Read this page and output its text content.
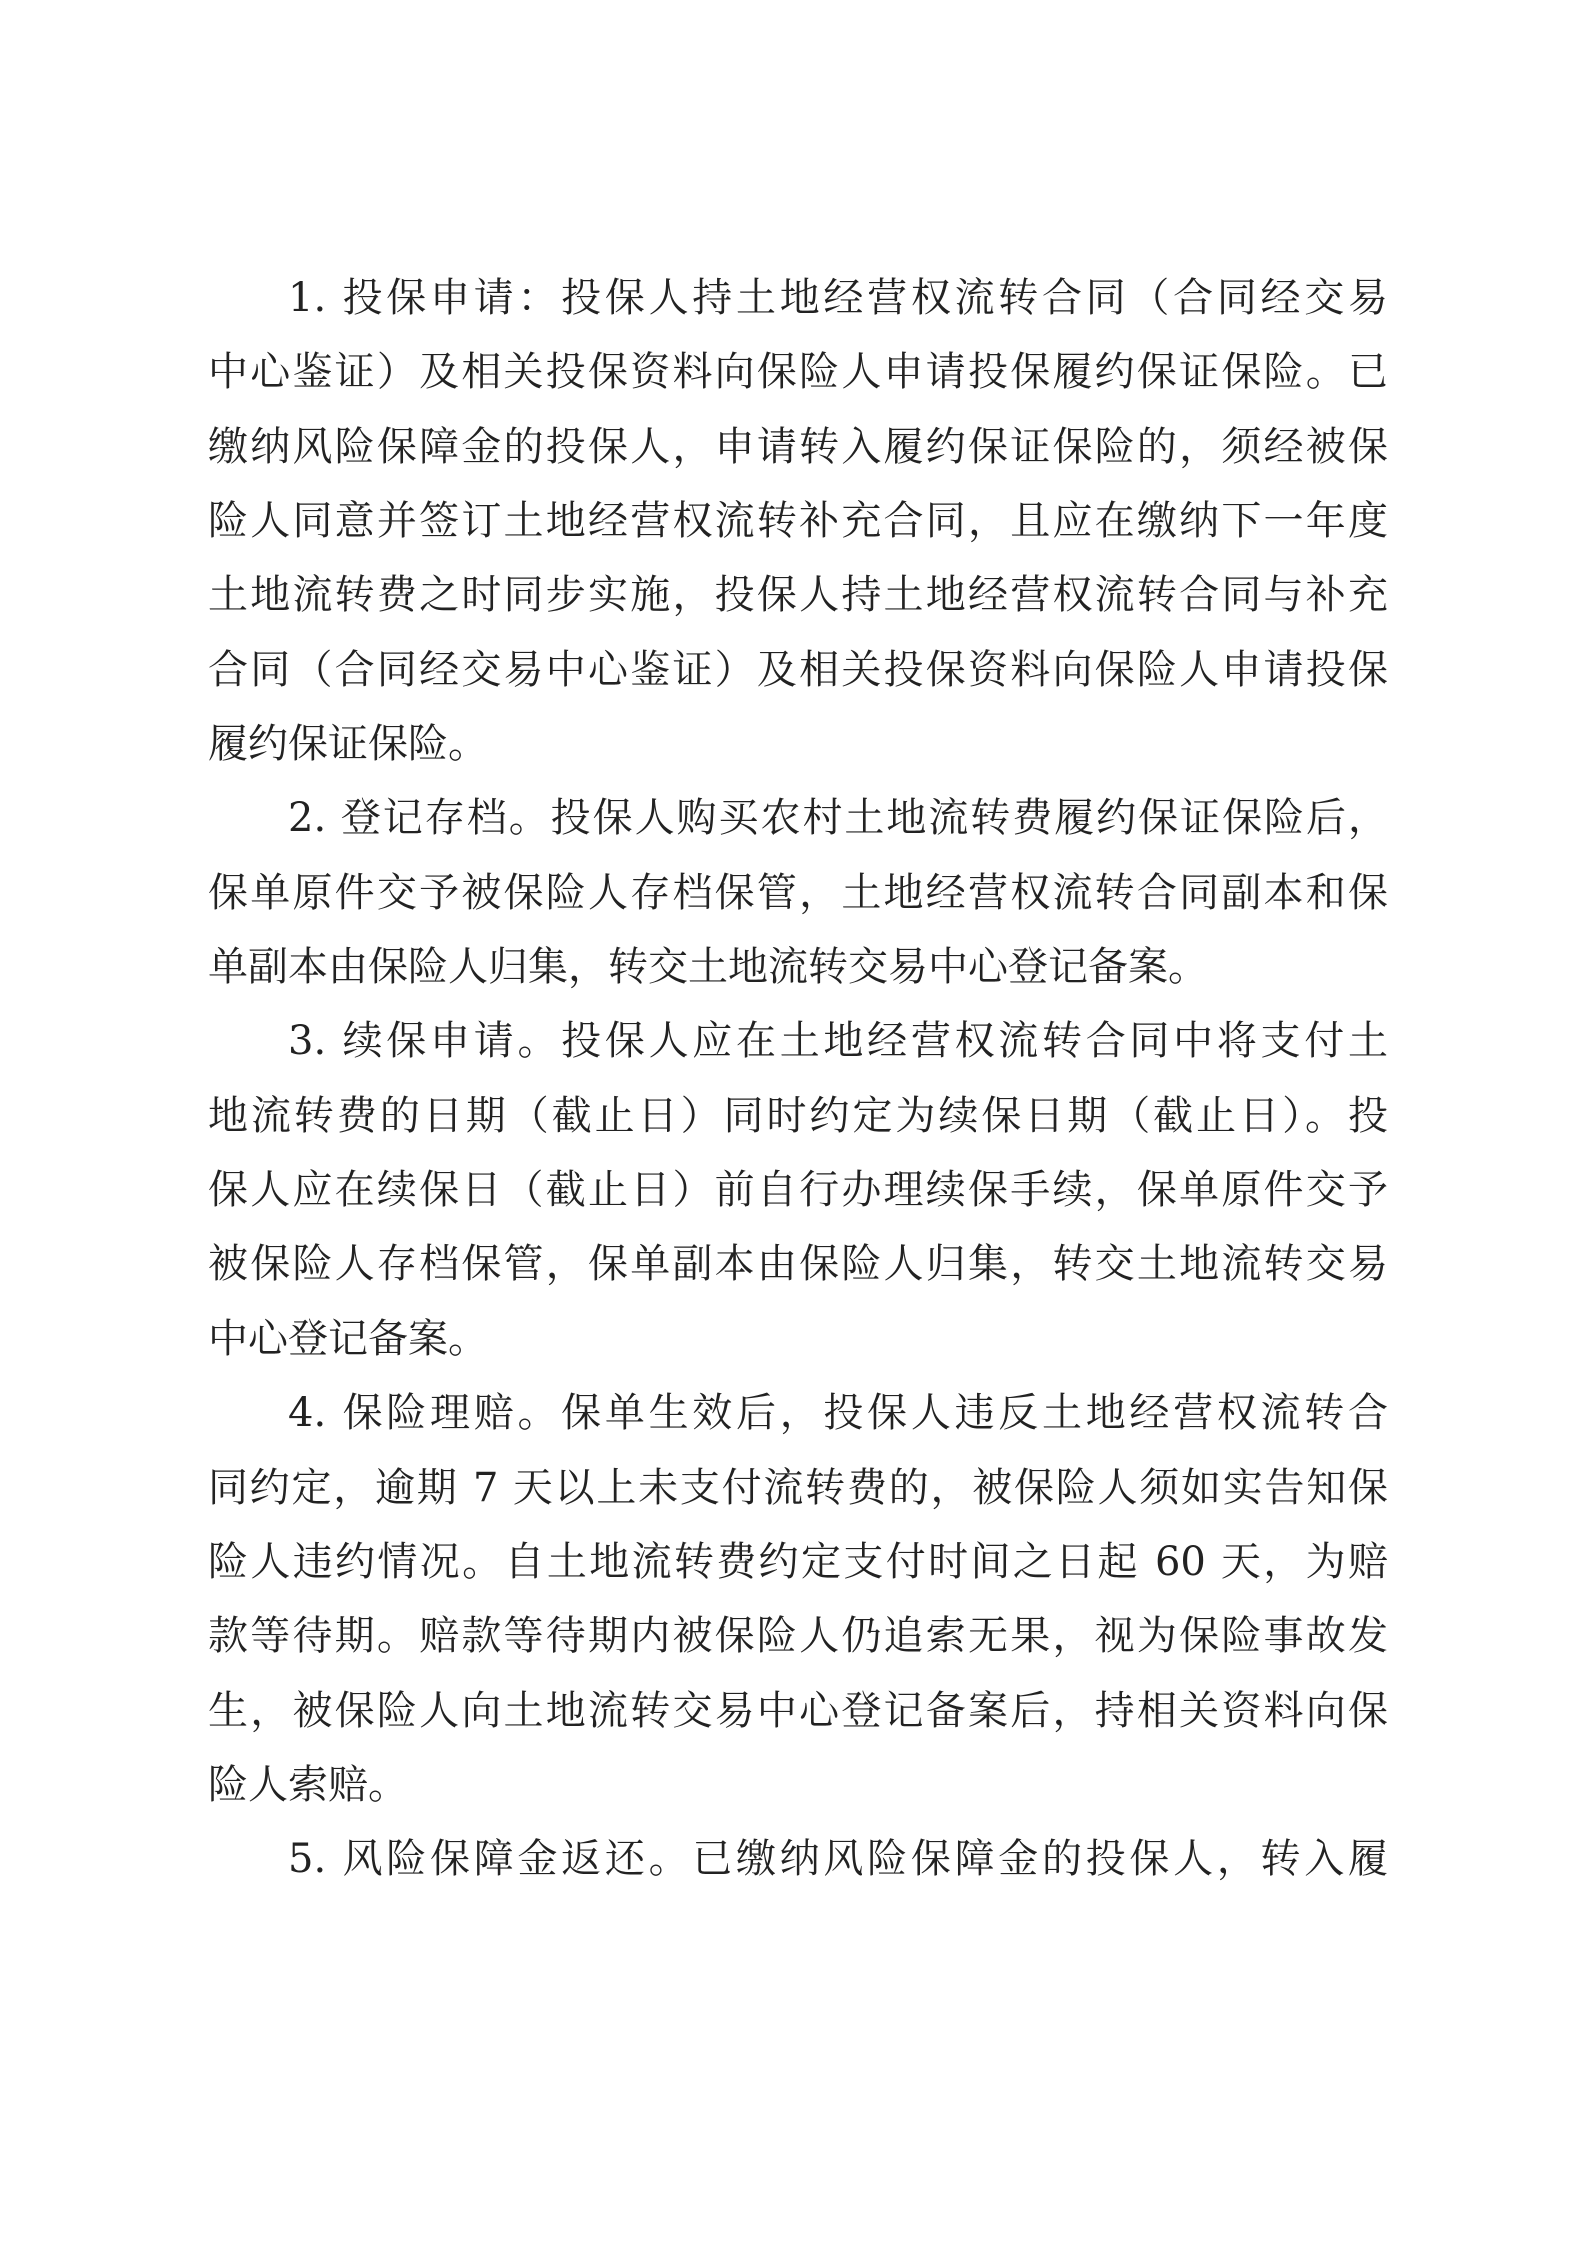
1. 投保申请：投保人持土地经营权流转合同（合同经交易
中心鉴证）及相关投保资料向保险人申请投保履约保证保险。已
缴纳风险保障金的投保人，申请转入履约保证保险的，须经被保
险人同意并签订土地经营权流转补充合同，且应在缴纳下一年度
土地流转费之时同步实施，投保人持土地经营权流转合同与补充
合同（合同经交易中心鉴证）及相关投保资料向保险人申请投保
履约保证保险。
2. 登记存档。投保人购买农村土地流转费履约保证保险后，
保单原件交予被保险人存档保管，土地经营权流转合同副本和保
单副本由保险人归集，转交土地流转交易中心登记备案。
3. 续保申请。投保人应在土地经营权流转合同中将支付土
地流转费的日期（截止日）同时约定为续保日期（截止日）。投
保人应在续保日（截止日）前自行办理续保手续，保单原件交予
被保险人存档保管，保单副本由保险人归集，转交土地流转交易
中心登记备案。
4. 保险理赔。保单生效后，投保人违反土地经营权流转合
同约定，逾期 7 天以上未支付流转费的，被保险人须如实告知保
险人违约情况。自土地流转费约定支付时间之日起 60 天，为赔
款等待期。赔款等待期内被保险人仍追索无果，视为保险事故发
生，被保险人向土地流转交易中心登记备案后，持相关资料向保
险人索赔。
5. 风险保障金返还。已缴纳风险保障金的投保人，转入履
